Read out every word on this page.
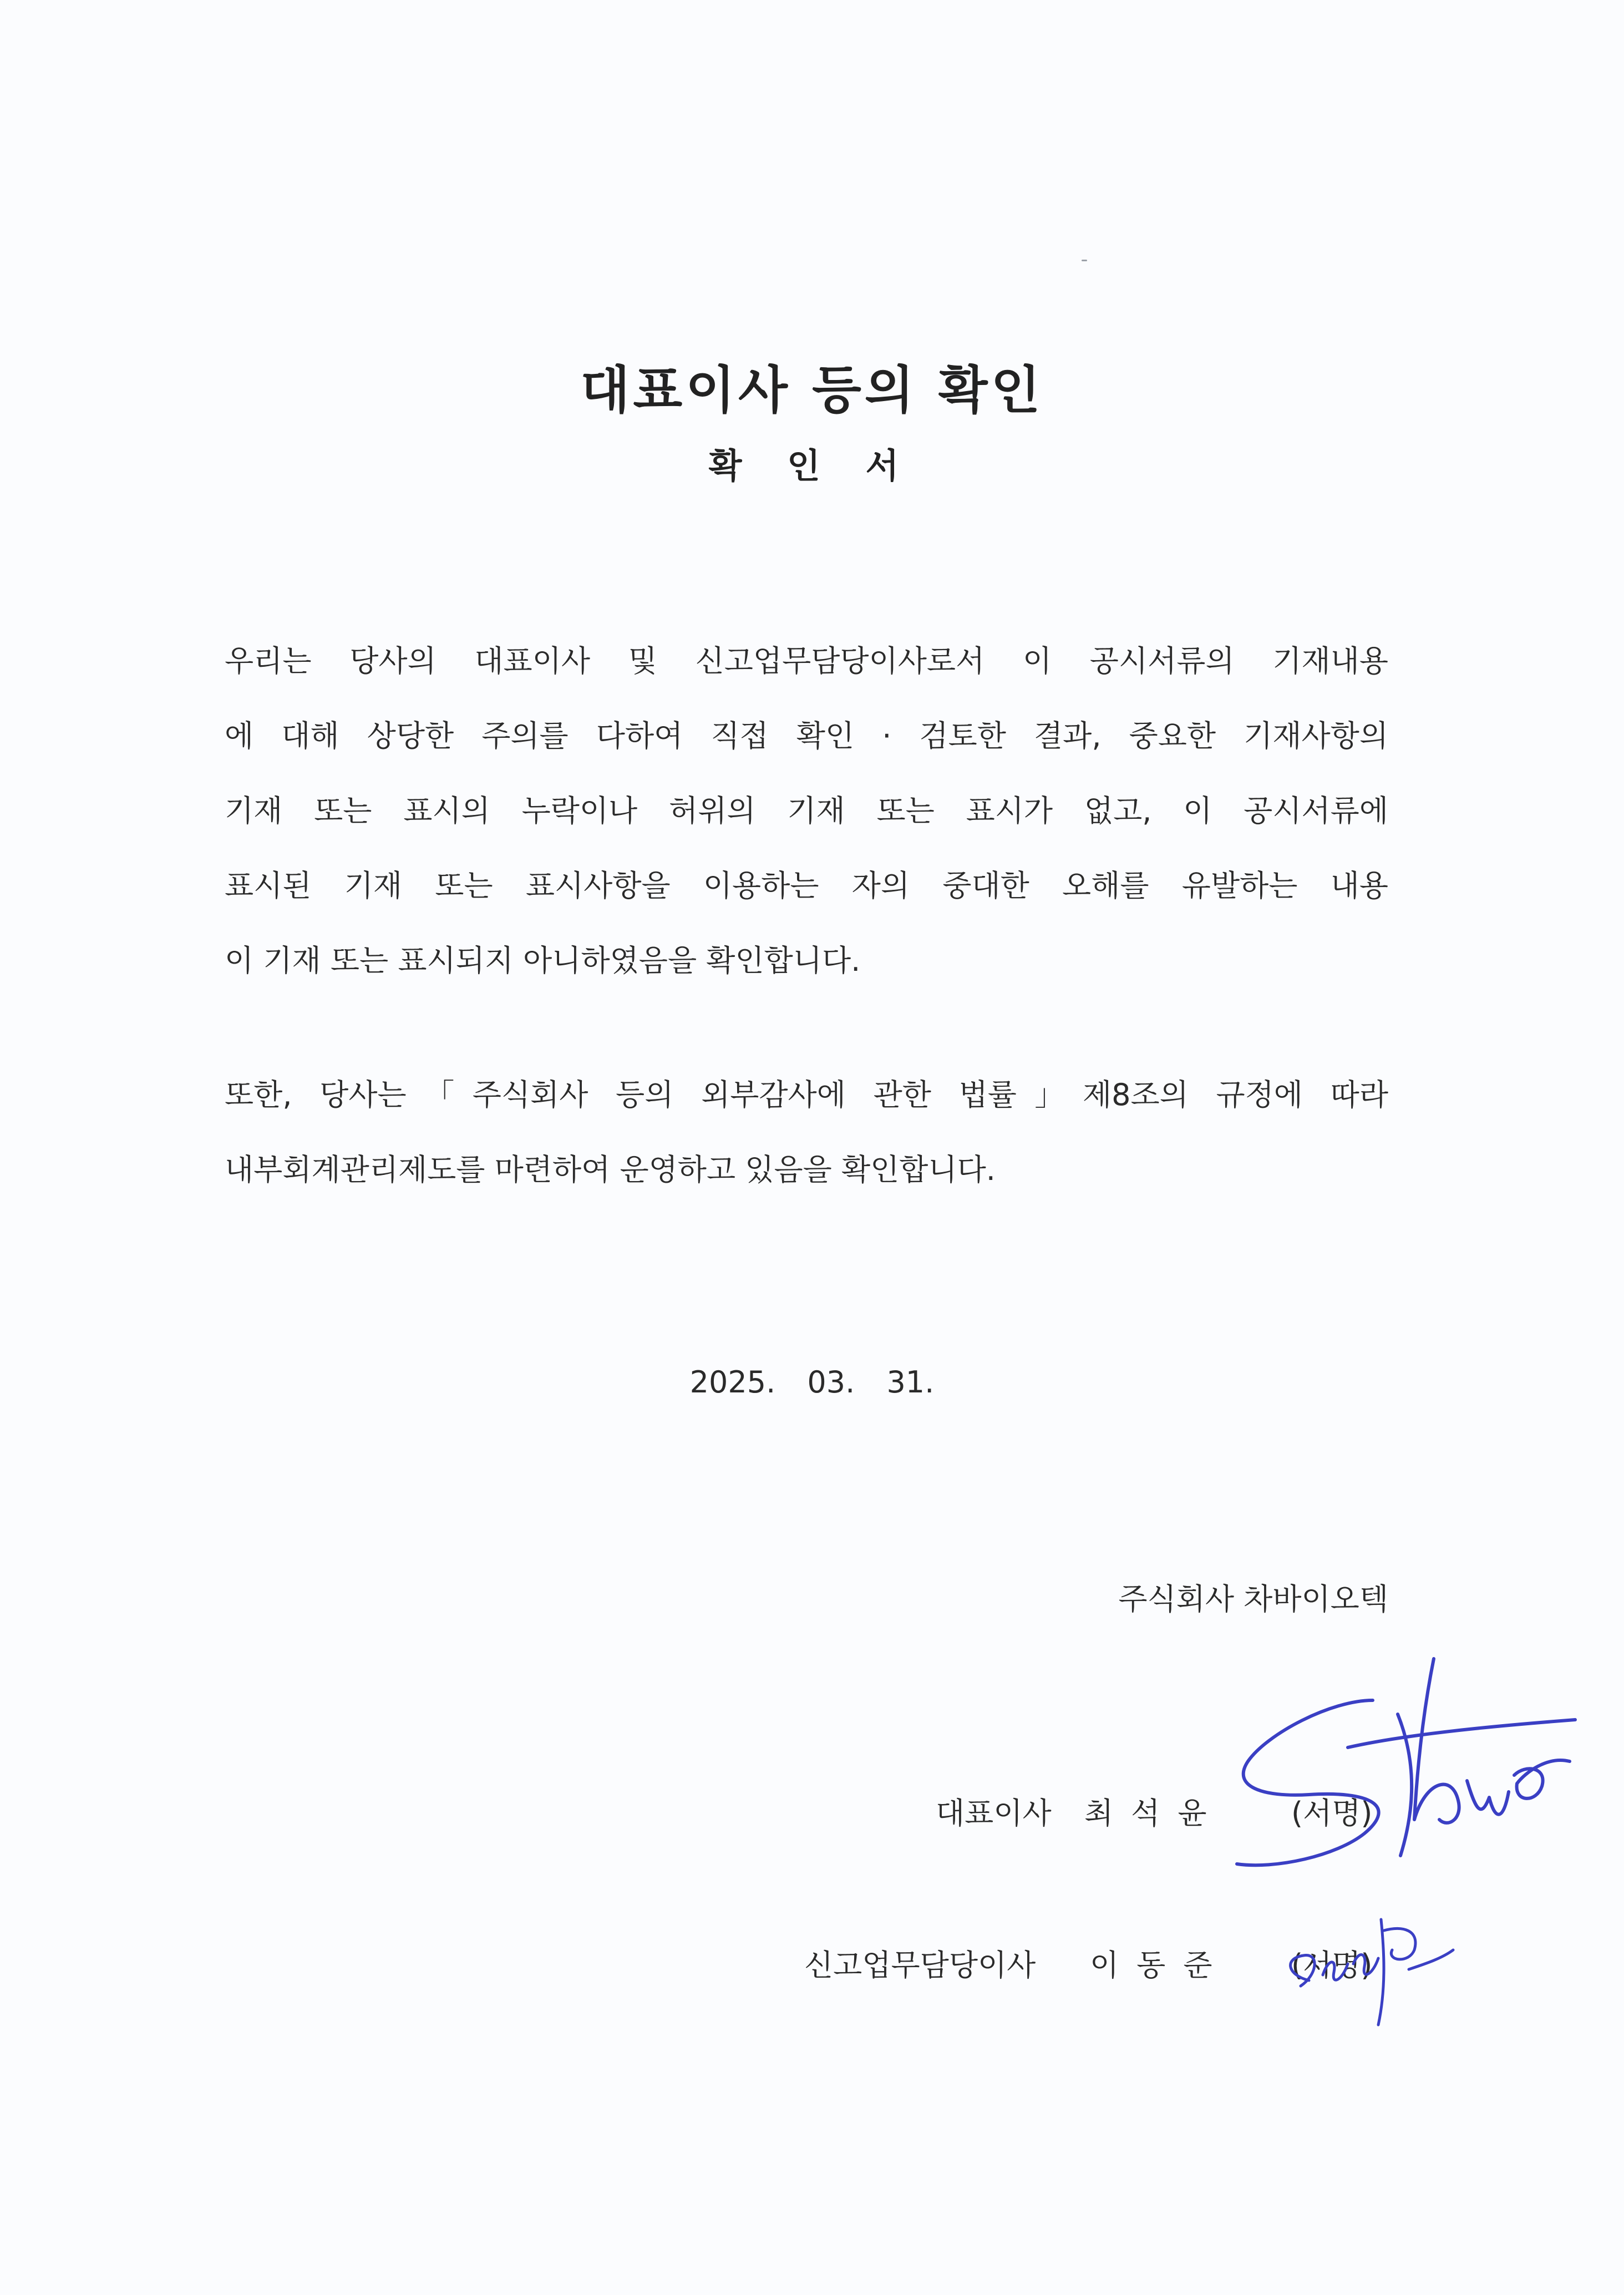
대표이사 등의 확인
확 인 서
우리는 당사의 대표이사 및 신고업무담당이사로서 이 공시서류의 기재내용
에 대해 상당한 주의를 다하여 직접 확인 · 검토한 결과, 중요한 기재사항의
기재 또는 표시의 누락이나 허위의 기재 또는 표시가 없고, 이 공시서류에
표시된 기재 또는 표시사항을 이용하는 자의 중대한 오해를 유발하는 내용
이 기재 또는 표시되지 아니하였음을 확인합니다.
또한, 당사는「주식회사 등의 외부감사에 관한 법률」제8조의 규정에 따라
내부회계관리제도를 마련하여 운영하고 있음을 확인합니다.
2025. 03. 31.
주식회사 차바이오텍
대표이사 최석윤 (서명)
신고업무담당이사 이동준 (서명)
